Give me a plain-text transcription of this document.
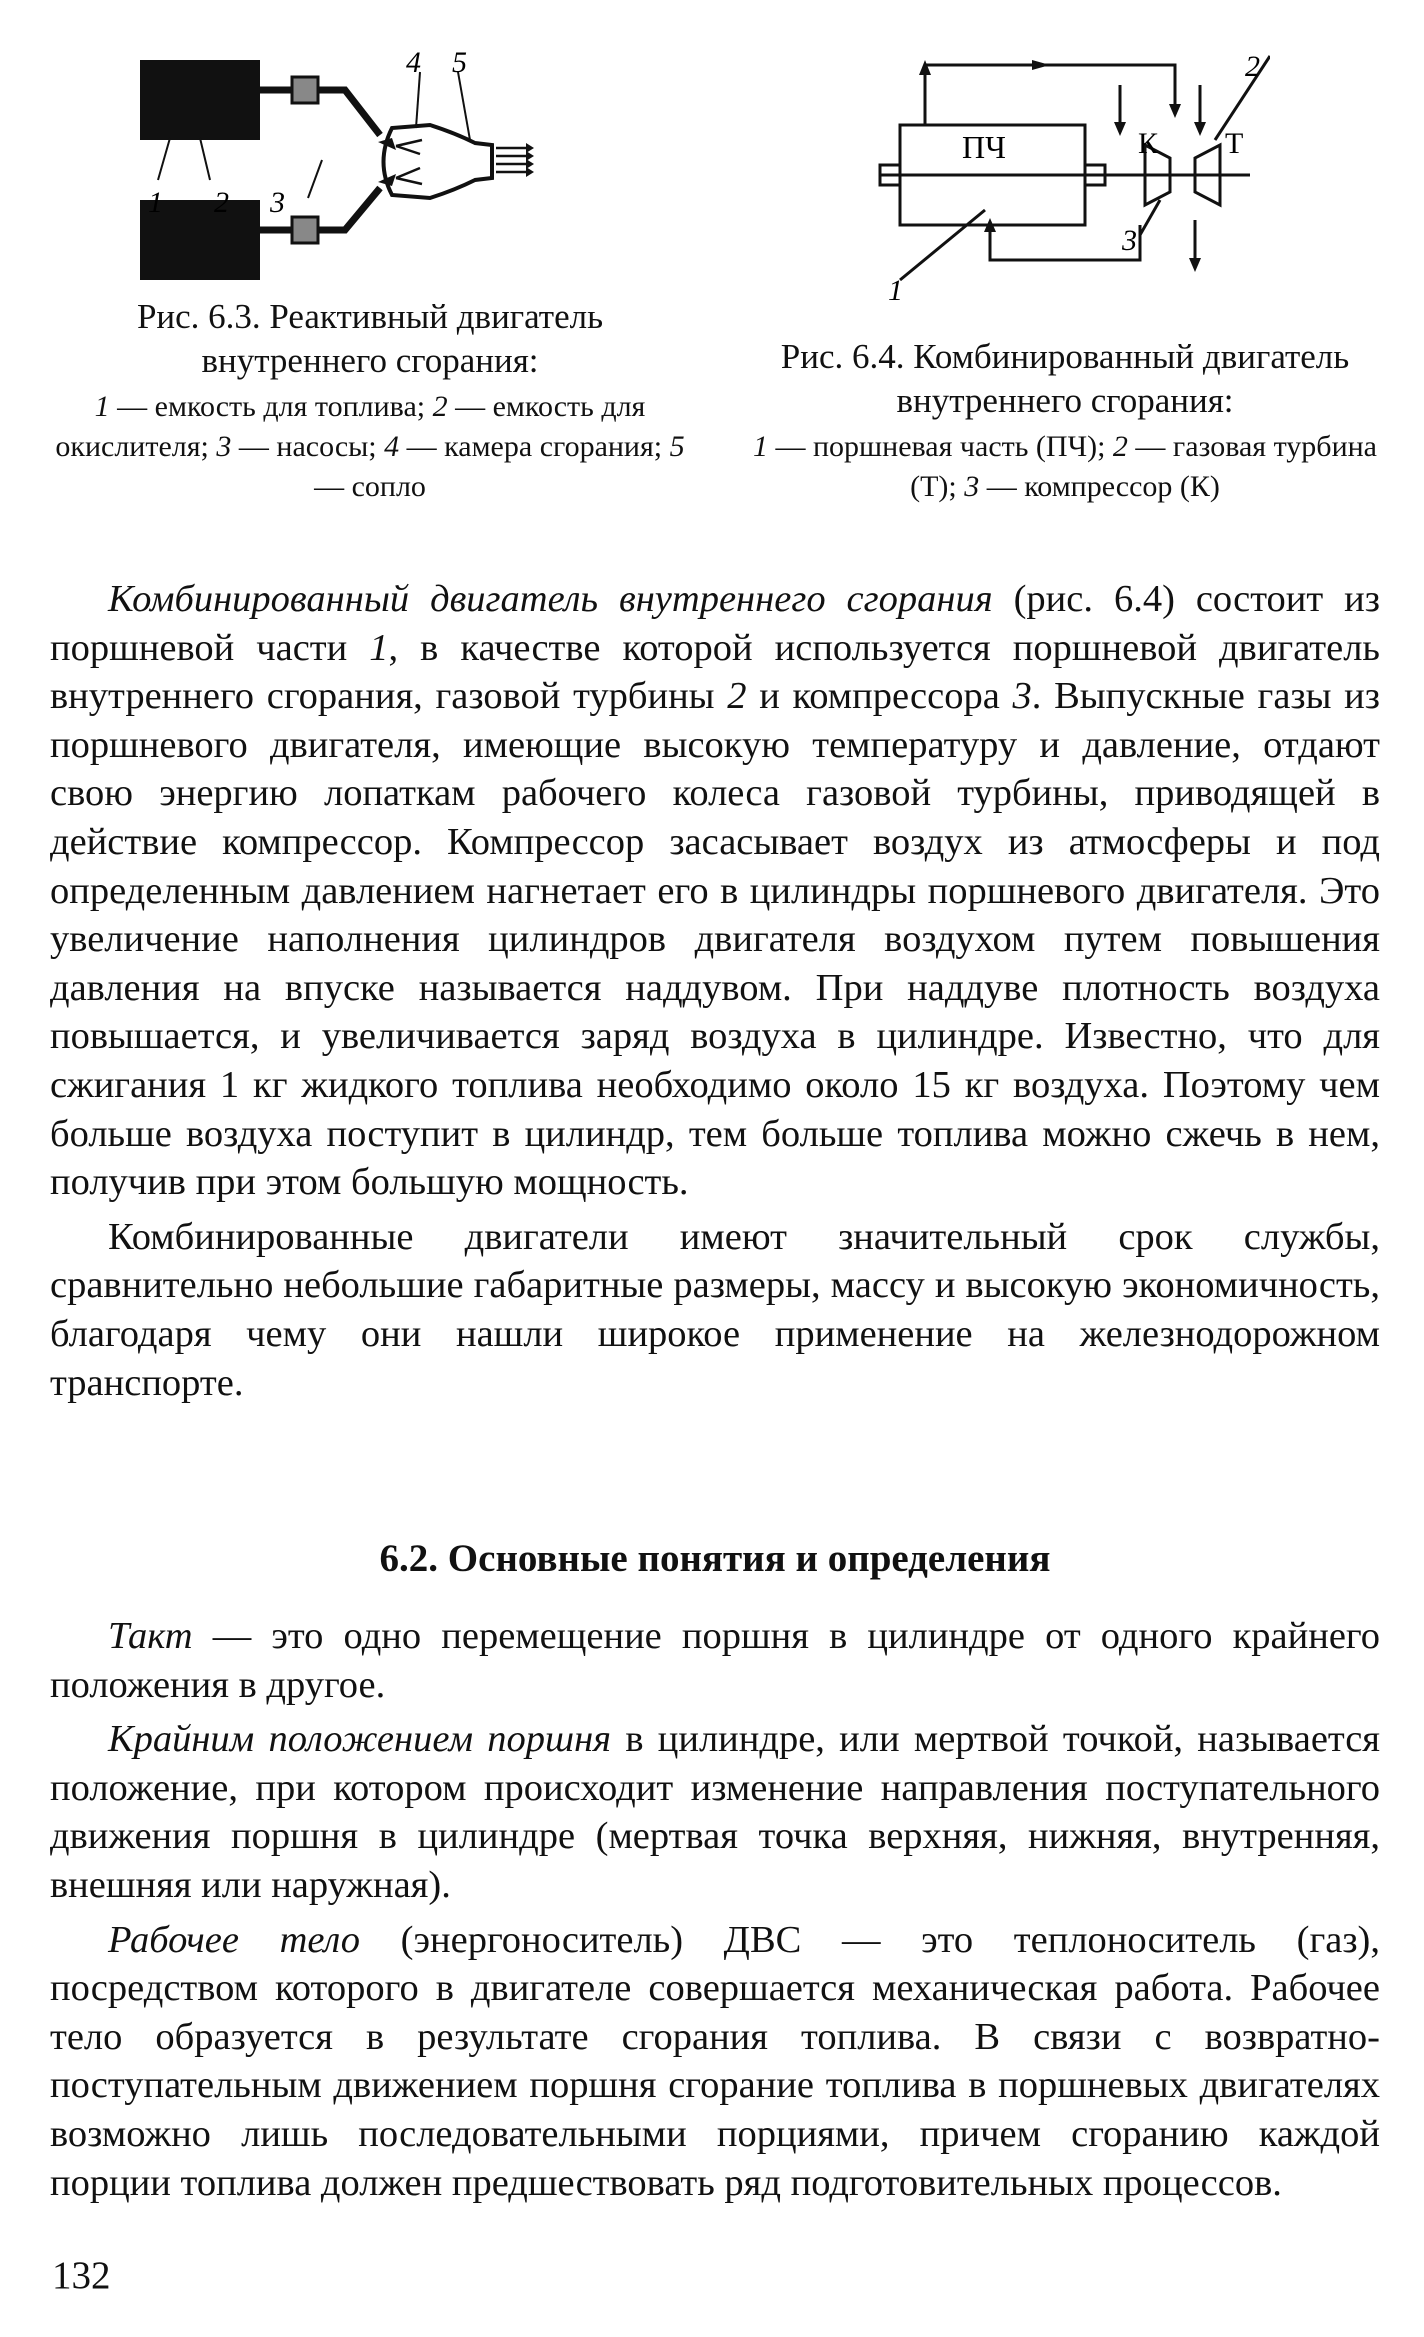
1 2 3
4 5
Рис. 6.3. Реактивный двигатель внутреннего сгорания:
1 — емкость для топлива; 2 — емкость для окислителя; 3 — насосы; 4 — камера сгорания; 5 — сопло
ПЧ	К Т
1
2
3
Рис. 6.4. Комбинированный двигатель внутреннего сгорания:
1 — поршневая часть (ПЧ); 2 — газовая турбина (Т); 3 — компрессор (К)

Комбинированный двигатель внутреннего сгорания (рис. 6.4) состоит из поршневой части 1, в качестве которой используется поршневой двигатель внутреннего сгорания, газовой турбины 2 и компрессора 3. Выпускные газы из поршневого двигателя, имеющие высокую температуру и давление, отдают свою энергию лопаткам рабочего колеса газовой турбины, приводящей в действие компрессор. Компрессор засасывает воздух из атмосферы и под определенным давлением нагнетает его в цилиндры поршневого двигателя. Это увеличение наполнения цилиндров двигателя воздухом путем повышения давления на впуске называется наддувом. При наддуве плотность воздуха повышается, и увеличивается заряд воздуха в цилиндре. Известно, что для сжигания 1 кг жидкого топлива необходимо около 15 кг воздуха. Поэтому чем больше воздуха поступит в цилиндр, тем больше топлива можно сжечь в нем, получив при этом большую мощность.

Комбинированные двигатели имеют значительный срок службы, сравнительно небольшие габаритные размеры, массу и высокую экономичность, благодаря чему они нашли широкое применение на железнодорожном транспорте.

6.2. Основные понятия и определения

Такт — это одно перемещение поршня в цилиндре от одного крайнего положения в другое.

Крайним положением поршня в цилиндре, или мертвой точкой, называется положение, при котором происходит изменение направления поступательного движения поршня в цилиндре (мертвая точка верхняя, нижняя, внутренняя, внешняя или наружная).

Рабочее тело (энергоноситель) ДВС — это теплоноситель (газ), посредством которого в двигателе совершается механическая работа. Рабочее тело образуется в результате сгорания топлива. В связи с возвратно-поступательным движением поршня сгорание топлива в поршневых двигателях возможно лишь последовательными порциями, причем сгоранию каждой порции топлива должен предшествовать ряд подготовительных процессов.

132
